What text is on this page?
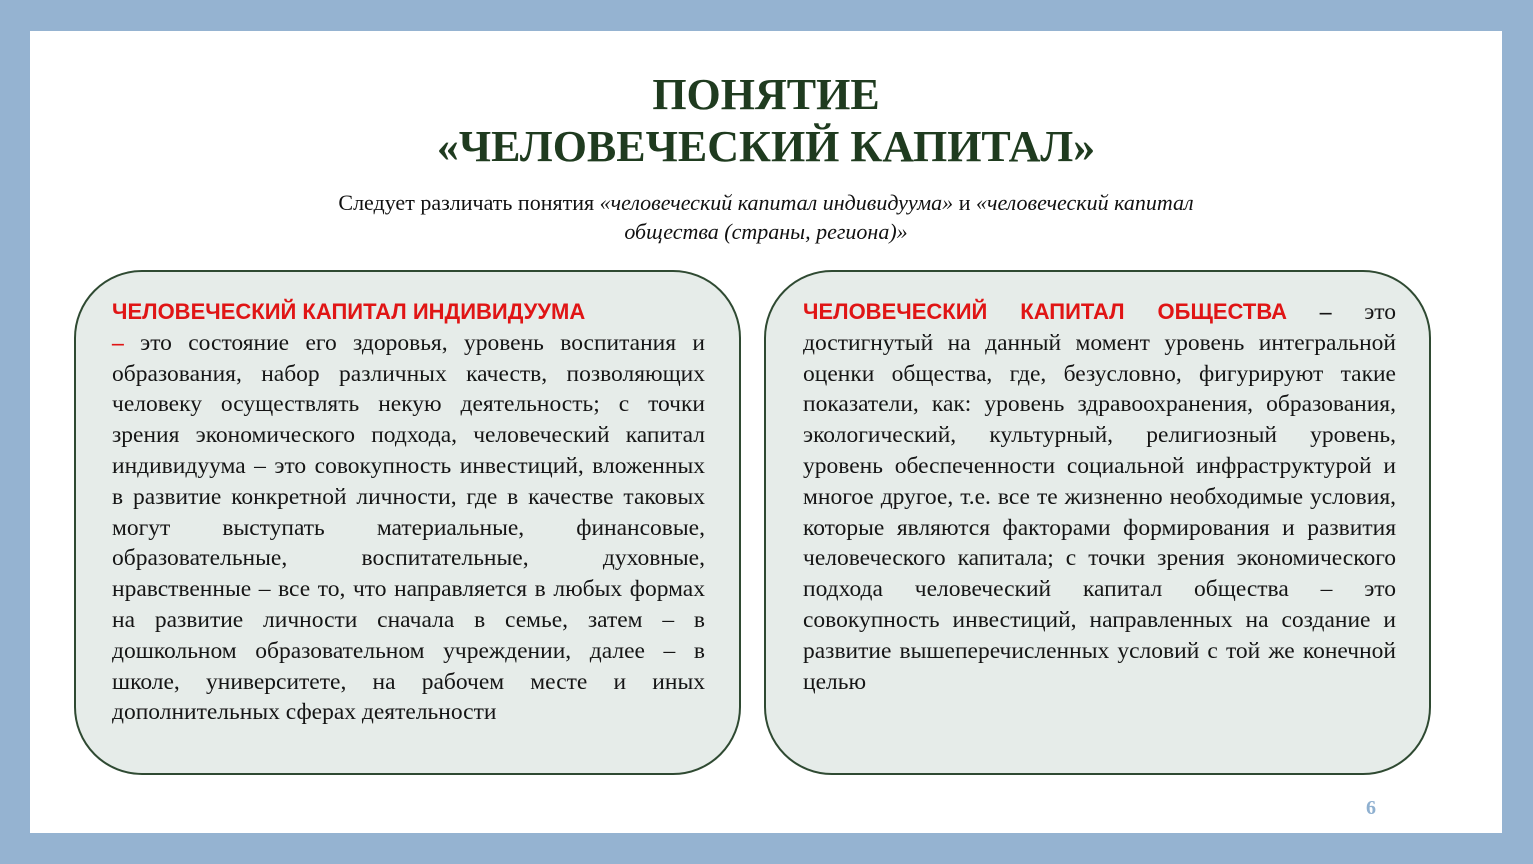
ПОНЯТИЕ
«ЧЕЛОВЕЧЕСКИЙ КАПИТАЛ»

Следует различать понятия «человеческий капитал индивидуума» и «человеческий капитал общества (страны, региона)»

ЧЕЛОВЕЧЕСКИЙ КАПИТАЛ ИНДИВИДУУМА
– это состояние его здоровья, уровень воспитания и образования, набор различных качеств, позволяющих человеку осуществлять некую деятельность; с точки зрения экономического подхода, человеческий капитал индивидуума – это совокупность инвестиций, вложенных в развитие конкретной личности, где в качестве таковых могут выступать материальные, финансовые, образовательные, воспитательные, духовные, нравственные – все то, что направляется в любых формах на развитие личности сначала в семье, затем – в дошкольном образовательном учреждении, далее – в школе, университете, на рабочем месте и иных дополнительных сферах деятельности

ЧЕЛОВЕЧЕСКИЙ КАПИТАЛ ОБЩЕСТВА – это достигнутый на данный момент уровень интегральной оценки общества, где, безусловно, фигурируют такие показатели, как: уровень здравоохранения, образования, экологический, культурный, религиозный уровень, уровень обеспеченности социальной инфраструктурой и многое другое, т.е. все те жизненно необходимые условия, которые являются факторами формирования и развития человеческого капитала; с точки зрения экономического подхода человеческий капитал общества – это совокупность инвестиций, направленных на создание и развитие вышеперечисленных условий с той же конечной целью

6
